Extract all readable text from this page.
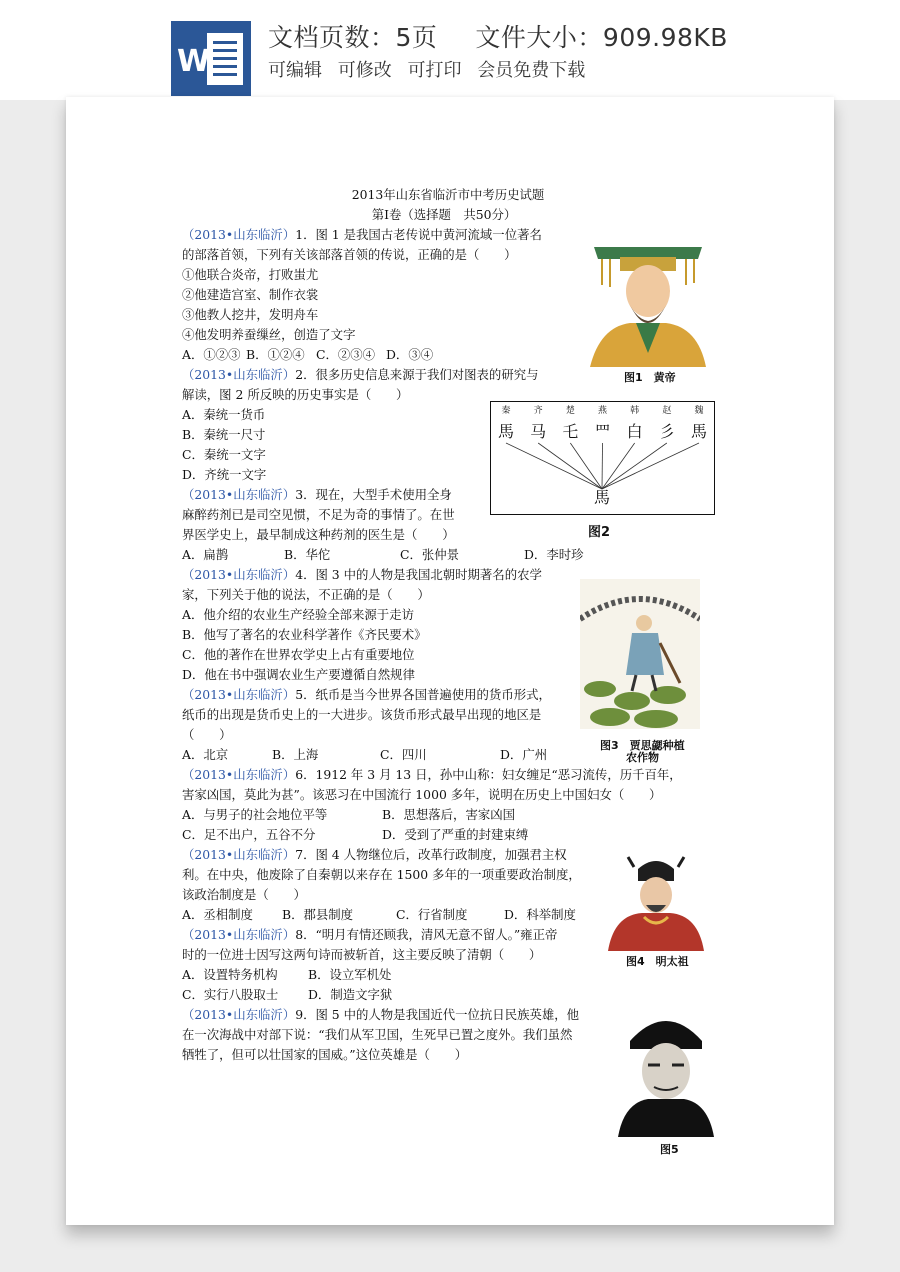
W

文档页数：5页 文件大小：909.98KB

可编辑 可修改 可打印 会员免费下载
2013年山东省临沂市中考历史试题
第Ⅰ卷（选择题　共50分）
（2013•山东临沂）1．图 1 是我国古老传说中黄河流域一位著名
的部落首领，下列有关该部落首领的传说，正确的是（　　）
①他联合炎帝，打败蚩尤
②他建造宫室、制作衣裳
③他教人挖井，发明舟车
④他发明养蚕缫丝，创造了文字
A．①②③ B．①②④ C．②③④ D．③④
（2013•山东临沂）2．很多历史信息来源于我们对图表的研究与
解读，图 2 所反映的历史事实是（　　）
A．秦统一货币
B．秦统一尺寸
C．秦统一文字
D．齐统一文字
（2013•山东临沂）3．现在，大型手术使用全身
麻醉药剂已是司空见惯，不足为奇的事情了。在世
界医学史上，最早制成这种药剂的医生是（　　）
A．扁鹊	B．华佗	C．张仲景	D．李时珍
（2013•山东临沂）4．图 3 中的人物是我国北朝时期著名的农学
家，下列关于他的说法，不正确的是（　　）
A．他介绍的农业生产经验全部来源于走访
B．他写了著名的农业科学著作《齐民要术》
C．他的著作在世界农学史上占有重要地位
D．他在书中强调农业生产要遵循自然规律
（2013•山东临沂）5．纸币是当今世界各国普遍使用的货币形式，
纸币的出现是货币史上的一大进步。该货币形式最早出现的地区是
（　　）
A．北京	B．上海	C．四川	D．广州
（2013•山东临沂）6．1912 年 3 月 13 日，孙中山称：妇女缠足“恶习流传，历千百年，
害家凶国，莫此为甚”。该恶习在中国流行 1000 多年，说明在历史上中国妇女（　　）
A．与男子的社会地位平等	B．思想落后，害家凶国
C．足不出户，五谷不分	D．受到了严重的封建束缚
（2013•山东临沂）7．图 4 人物继位后，改革行政制度，加强君主权
利。在中央，他废除了自秦朝以来存在 1500 多年的一项重要政治制度，
该政治制度是（　　）
A．丞相制度 B．郡县制度	C．行省制度	D．科举制度
（2013•山东临沂）8．“明月有情还顾我，清风无意不留人。”雍正帝
时的一位进士因写这两句诗而被斩首，这主要反映了清朝（　　）
A．设置特务机构 B．设立军机处
C．实行八股取士 D．制造文字狱
（2013•山东临沂）9．图 5 中的人物是我国近代一位抗日民族英雄，他
在一次海战中对部下说：“我们从军卫国，生死早已置之度外。我们虽然
牺牲了，但可以壮国家的国威。”这位英雄是（　　）
图1　黄帝
秦	齐	楚	燕	韩	赵	魏
馬 马 乇 罒 白 彡 ⾺
馬
图2
图3　贾思勰种植
农作物
图4　明太祖
图5
